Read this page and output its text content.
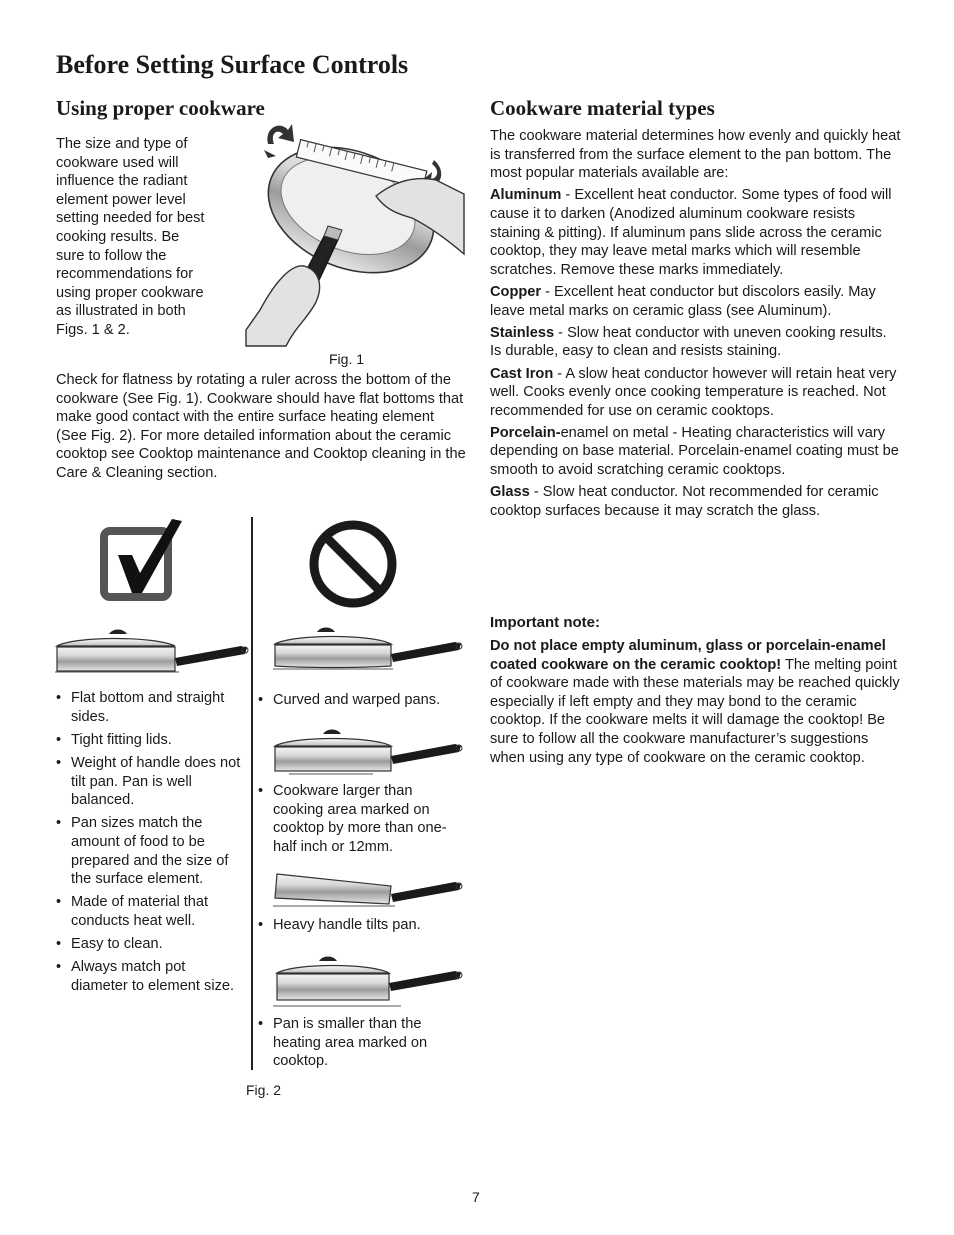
Before Setting Surface Controls
Using proper cookware

The size and type of cookware used will influence the radiant element power level setting needed for best cooking results. Be sure to follow the recommendations for using proper cookware as illustrated in both Figs. 1 & 2.

Fig. 1

Check for flatness by rotating a ruler across the bottom of the cookware (See Fig. 1). Cookware should have flat bottoms that make good contact with the entire surface heating element (See Fig. 2). For more detailed information about the ceramic cooktop see Cooktop maintenance and Cooktop cleaning in the Care & Cleaning section.

• Flat bottom and straight sides.
• Tight fitting lids.
• Weight of handle does not tilt pan. Pan is well balanced.
• Pan sizes match the amount of food to be prepared and the size of the surface element.
• Made of material that conducts heat well.
• Easy to clean.
• Always match pot diameter to element size.
• Curved and warped pans.
• Cookware larger than cooking area marked on cooktop by more than one-half inch or 12mm.
• Heavy handle tilts pan.
• Pan is smaller than the heating area marked on cooktop.
Fig. 2
Cookware material types

The cookware material determines how evenly and quickly heat is transferred from the surface element to the pan bottom. The most popular materials available are:

Aluminum - Excellent heat conductor. Some types of food will cause it to darken (Anodized aluminum cookware resists staining & pitting). If aluminum pans slide across the ceramic cooktop, they may leave metal marks which will resemble scratches. Remove these marks immediately.

Copper - Excellent heat conductor but discolors easily. May leave metal marks on ceramic glass (see Aluminum).

Stainless - Slow heat conductor with uneven cooking results. Is durable, easy to clean and resists staining.

Cast Iron - A slow heat conductor however will retain heat very well. Cooks evenly once cooking temperature is reached. Not recommended for use on ceramic cooktops.

Porcelain-enamel on metal - Heating characteristics will vary depending on base material. Porcelain-enamel coating must be smooth to avoid scratching ceramic cooktops.

Glass - Slow heat conductor. Not recommended for ceramic cooktop surfaces because it may scratch the glass.

Important note:

Do not place empty aluminum, glass or porcelain-enamel coated cookware on the ceramic cooktop! The melting point of cookware made with these materials may be reached quickly especially if left empty and they may bond to the ceramic cooktop. If the cookware melts it will damage the cooktop! Be sure to follow all the cookware manufacturer’s suggestions when using any type of cookware on the ceramic cooktop.

7
